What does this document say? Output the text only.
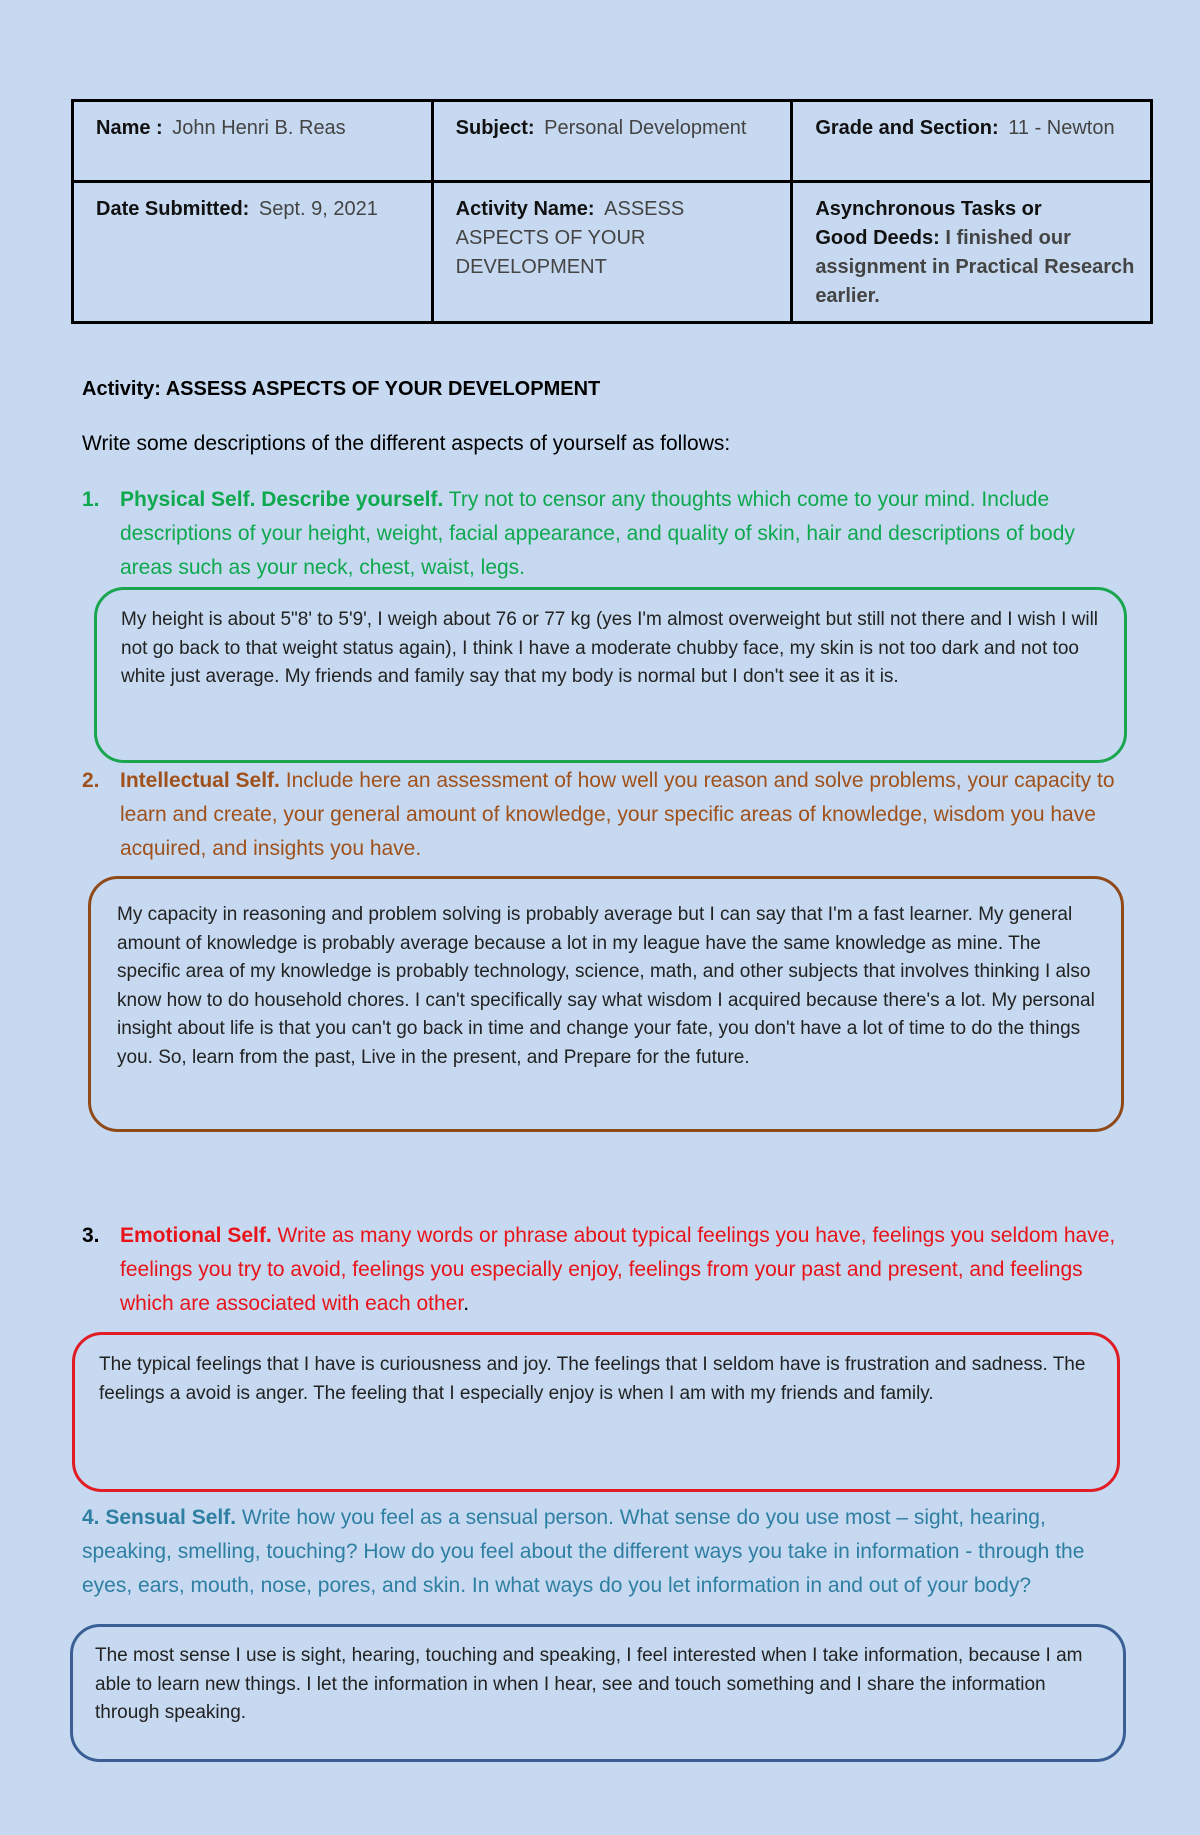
Name : John Henri B. Reas	Subject: Personal Development	Grade and Section: 11 - Newton
Date Submitted: Sept. 9, 2021	Activity Name: ASSESS ASPECTS OF YOUR DEVELOPMENT	Asynchronous Tasks or
Good Deeds: I finished our assignment in Practical Research earlier.
Activity: ASSESS ASPECTS OF YOUR DEVELOPMENT
Write some descriptions of the different aspects of yourself as follows:
1. Physical Self. Describe yourself. Try not to censor any thoughts which come to your mind. Include descriptions of your height, weight, facial appearance, and quality of skin, hair and descriptions of body areas such as your neck, chest, waist, legs.
My height is about 5"8' to 5'9', I weigh about 76 or 77 kg (yes I'm almost overweight but still not there and I wish I will not go back to that weight status again), I think I have a moderate chubby face, my skin is not too dark and not too white just average. My friends and family say that my body is normal but I don't see it as it is.
2. Intellectual Self. Include here an assessment of how well you reason and solve problems, your capacity to learn and create, your general amount of knowledge, your specific areas of knowledge, wisdom you have acquired, and insights you have.
My capacity in reasoning and problem solving is probably average but I can say that I'm a fast learner. My general amount of knowledge is probably average because a lot in my league have the same knowledge as mine. The specific area of my knowledge is probably technology, science, math, and other subjects that involves thinking I also know how to do household chores. I can't specifically say what wisdom I acquired because there's a lot. My personal insight about life is that you can't go back in time and change your fate, you don't have a lot of time to do the things you. So, learn from the past, Live in the present, and Prepare for the future.
3. Emotional Self. Write as many words or phrase about typical feelings you have, feelings you seldom have, feelings you try to avoid, feelings you especially enjoy, feelings from your past and present, and feelings which are associated with each other.
The typical feelings that I have is curiousness and joy. The feelings that I seldom have is frustration and sadness. The feelings a avoid is anger. The feeling that I especially enjoy is when I am with my friends and family.
4. Sensual Self. Write how you feel as a sensual person. What sense do you use most – sight, hearing, speaking, smelling, touching? How do you feel about the different ways you take in information - through the eyes, ears, mouth, nose, pores, and skin. In what ways do you let information in and out of your body?
The most sense I use is sight, hearing, touching and speaking, I feel interested when I take information, because I am able to learn new things. I let the information in when I hear, see and touch something and I share the information through speaking.
